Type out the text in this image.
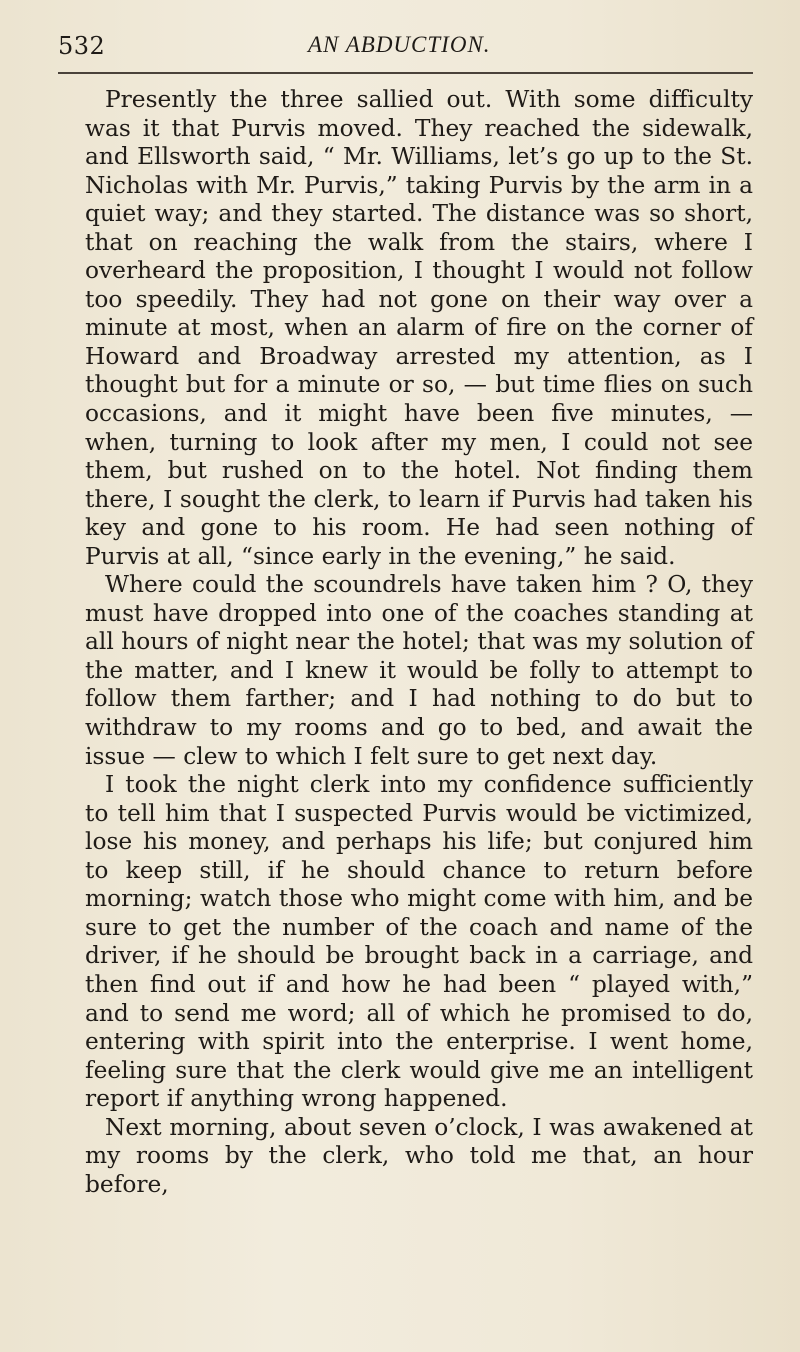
532	AN ABDUCTION.

Presently the three sallied out. With some difficulty was it that Purvis moved. They reached the sidewalk, and Ellsworth said, “ Mr. Williams, let’s go up to the St. Nicholas with Mr. Purvis,” taking Purvis by the arm in a quiet way; and they started. The distance was so short, that on reaching the walk from the stairs, where I overheard the proposition, I thought I would not follow too speedily. They had not gone on their way over a minute at most, when an alarm of fire on the corner of Howard and Broadway arrested my attention, as I thought but for a minute or so, — but time flies on such occasions, and it might have been five minutes, — when, turning to look after my men, I could not see them, but rushed on to the hotel. Not finding them there, I sought the clerk, to learn if Purvis had taken his key and gone to his room. He had seen nothing of Purvis at all, “since early in the evening,” he said.

Where could the scoundrels have taken him ? O, they must have dropped into one of the coaches standing at all hours of night near the hotel; that was my solution of the matter, and I knew it would be folly to attempt to follow them farther; and I had nothing to do but to withdraw to my rooms and go to bed, and await the issue — clew to which I felt sure to get next day.

I took the night clerk into my confidence sufficiently to tell him that I suspected Purvis would be victimized, lose his money, and perhaps his life; but conjured him to keep still, if he should chance to return before morning; watch those who might come with him, and be sure to get the number of the coach and name of the driver, if he should be brought back in a carriage, and then find out if and how he had been “ played with,” and to send me word; all of which he promised to do, entering with spirit into the enterprise. I went home, feeling sure that the clerk would give me an intelligent report if anything wrong happened.

Next morning, about seven o’clock, I was awakened at my rooms by the clerk, who told me that, an hour before,
